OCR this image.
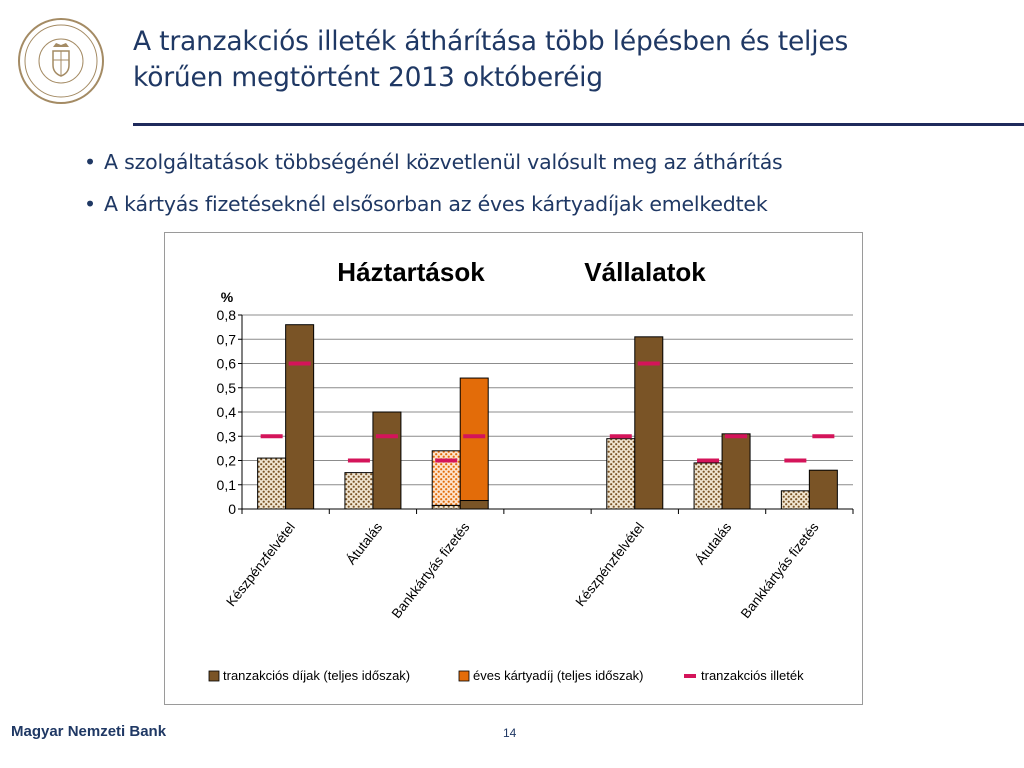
A tranzakciós illeték áthárítása több lépésben és teljes
körűen megtörtént 2013 októberéig
• A szolgáltatások többségénél közvetlenül valósult meg az áthárítás
• A kártyás fizetéseknél elsősorban az éves kártyadíjak emelkedtek
0
0,1
0,2
0,3
0,4
0,5
0,6
0,7
0,8
Készpénzfelvétel	Átutalás Bankkártyás fizetés	Készpénzfelvétel	Átutalás Bankkártyás fizetés
Háztartások	Vállalatok
%
tranzakciós díjak (teljes időszak)	éves kártyadíj (teljes időszak)	tranzakciós illeték
Magyar Nemzeti Bank	14
